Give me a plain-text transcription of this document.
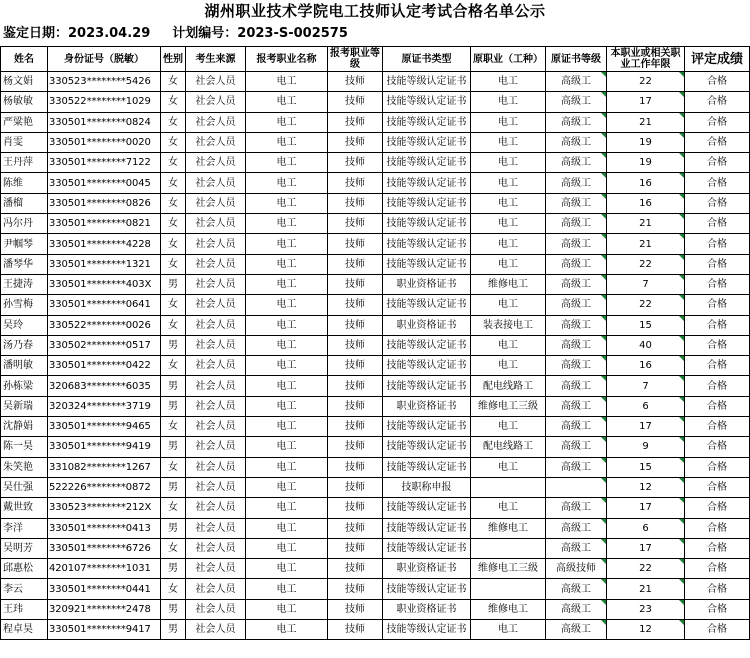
湖州职业技术学院电工技师认定考试合格名单公示
鉴定日期：2023.04.29 计划编号：2023-S-002575
姓名	身份证号（脱敏）	性别	考生来源	报考职业名称	报考职业等级	原证书类型	原职业（工种）	原证书等级	本职业或相关职业工作年限	评定成绩
杨文娟	330523********5426	女	社会人员	电工	技师	技能等级认定证书	电工	高级工	22	合格
杨敏敏	330522********1029	女	社会人员	电工	技师	技能等级认定证书	电工	高级工	17	合格
严粱艳	330501********0824	女	社会人员	电工	技师	技能等级认定证书	电工	高级工	21	合格
肖雯	330501********0020	女	社会人员	电工	技师	技能等级认定证书	电工	高级工	19	合格
王丹萍	330501********7122	女	社会人员	电工	技师	技能等级认定证书	电工	高级工	19	合格
陈维	330501********0045	女	社会人员	电工	技师	技能等级认定证书	电工	高级工	16	合格
潘榴	330501********0826	女	社会人员	电工	技师	技能等级认定证书	电工	高级工	16	合格
冯尔丹	330501********0821	女	社会人员	电工	技师	技能等级认定证书	电工	高级工	21	合格
尹帼琴	330501********4228	女	社会人员	电工	技师	技能等级认定证书	电工	高级工	21	合格
潘琴华	330501********1321	女	社会人员	电工	技师	技能等级认定证书	电工	高级工	22	合格
王捷涛	330501********403X	男	社会人员	电工	技师	职业资格证书	维修电工	高级工	7	合格
孙雪梅	330501********0641	女	社会人员	电工	技师	技能等级认定证书	电工	高级工	22	合格
吴玲	330522********0026	女	社会人员	电工	技师	职业资格证书	装表接电工	高级工	15	合格
汤乃春	330502********0517	男	社会人员	电工	技师	技能等级认定证书	电工	高级工	40	合格
潘明敏	330501********0422	女	社会人员	电工	技师	技能等级认定证书	电工	高级工	16	合格
孙栋梁	320683********6035	男	社会人员	电工	技师	技能等级认定证书	配电线路工	高级工	7	合格
吴新瑞	320324********3719	男	社会人员	电工	技师	职业资格证书	维修电工三级	高级工	6	合格
沈静娟	330501********9465	女	社会人员	电工	技师	技能等级认定证书	电工	高级工	17	合格
陈一昊	330501********9419	男	社会人员	电工	技师	技能等级认定证书	配电线路工	高级工	9	合格
朱笑艳	331082********1267	女	社会人员	电工	技师	技能等级认定证书	电工	高级工	15	合格
吴仕强	522226********0872	男	社会人员	电工	技师	技职称申报			12	合格
戴世致	330523********212X	女	社会人员	电工	技师	技能等级认定证书	电工	高级工	17	合格
李洋	330501********0413	男	社会人员	电工	技师	技能等级认定证书	维修电工	高级工	6	合格
吴明芳	330501********6726	女	社会人员	电工	技师	技能等级认定证书		高级工	17	合格
邱惠松	420107********1031	男	社会人员	电工	技师	职业资格证书	维修电工三级	高级技师	22	合格
李云	330501********0441	女	社会人员	电工	技师	技能等级认定证书		高级工	21	合格
王玮	320921********2478	男	社会人员	电工	技师	职业资格证书	维修电工	高级工	23	合格
程卓昊	330501********9417	男	社会人员	电工	技师	技能等级认定证书	电工	高级工	12	合格
